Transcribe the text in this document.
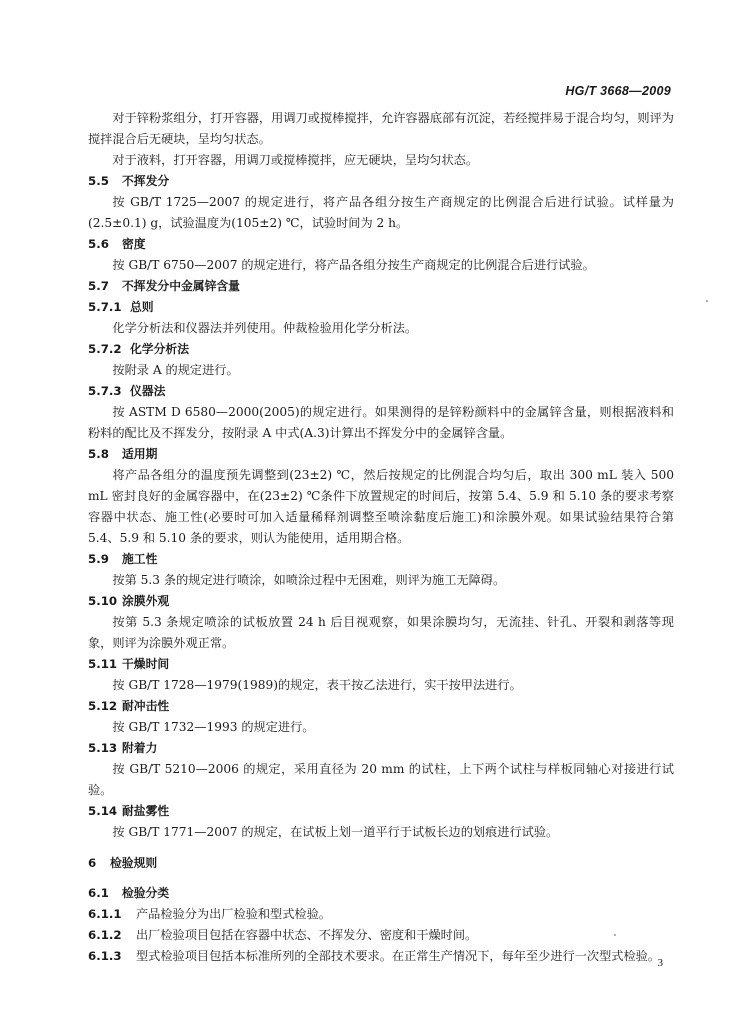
HG/T 3668—2009

对于锌粉浆组分，打开容器，用调刀或搅棒搅拌，允许容器底部有沉淀，若经搅拌易于混合均匀，则评为搅拌混合后无硬块，呈均匀状态。

对于液料，打开容器，用调刀或搅棒搅拌，应无硬块，呈均匀状态。

5.5 不挥发分

按 GB/T 1725—2007 的规定进行，将产品各组分按生产商规定的比例混合后进行试验。试样量为(2.5±0.1) g，试验温度为(105±2) ℃，试验时间为 2 h。

5.6 密度

按 GB/T 6750—2007 的规定进行，将产品各组分按生产商规定的比例混合后进行试验。

5.7 不挥发分中金属锌含量
5.7.1 总则

化学分析法和仪器法并列使用。仲裁检验用化学分析法。

5.7.2 化学分析法

按附录 A 的规定进行。

5.7.3 仪器法

按 ASTM D 6580—2000(2005)的规定进行。如果测得的是锌粉颜料中的金属锌含量，则根据液料和粉料的配比及不挥发分，按附录 A 中式(A.3)计算出不挥发分中的金属锌含量。

5.8 适用期

将产品各组分的温度预先调整到(23±2) ℃，然后按规定的比例混合均匀后，取出 300 mL 装入 500 mL 密封良好的金属容器中，在(23±2) ℃条件下放置规定的时间后，按第 5.4、5.9 和 5.10 条的要求考察容器中状态、施工性(必要时可加入适量稀释剂调整至喷涂黏度后施工)和涂膜外观。如果试验结果符合第 5.4、5.9 和 5.10 条的要求，则认为能使用，适用期合格。

5.9 施工性

按第 5.3 条的规定进行喷涂，如喷涂过程中无困难，则评为施工无障碍。

5.10 涂膜外观

按第 5.3 条规定喷涂的试板放置 24 h 后目视观察，如果涂膜均匀，无流挂、针孔、开裂和剥落等现象，则评为涂膜外观正常。

5.11 干燥时间

按 GB/T 1728—1979(1989)的规定，表干按乙法进行，实干按甲法进行。

5.12 耐冲击性

按 GB/T 1732—1993 的规定进行。

5.13 附着力

按 GB/T 5210—2006 的规定，采用直径为 20 mm 的试柱，上下两个试柱与样板同轴心对接进行试验。

5.14 耐盐雾性

按 GB/T 1771—2007 的规定，在试板上划一道平行于试板长边的划痕进行试验。

6 检验规则
6.1 检验分类

6.1.1 产品检验分为出厂检验和型式检验。

6.1.2 出厂检验项目包括在容器中状态、不挥发分、密度和干燥时间。

6.1.3 型式检验项目包括本标准所列的全部技术要求。在正常生产情况下，每年至少进行一次型式检验。

3
